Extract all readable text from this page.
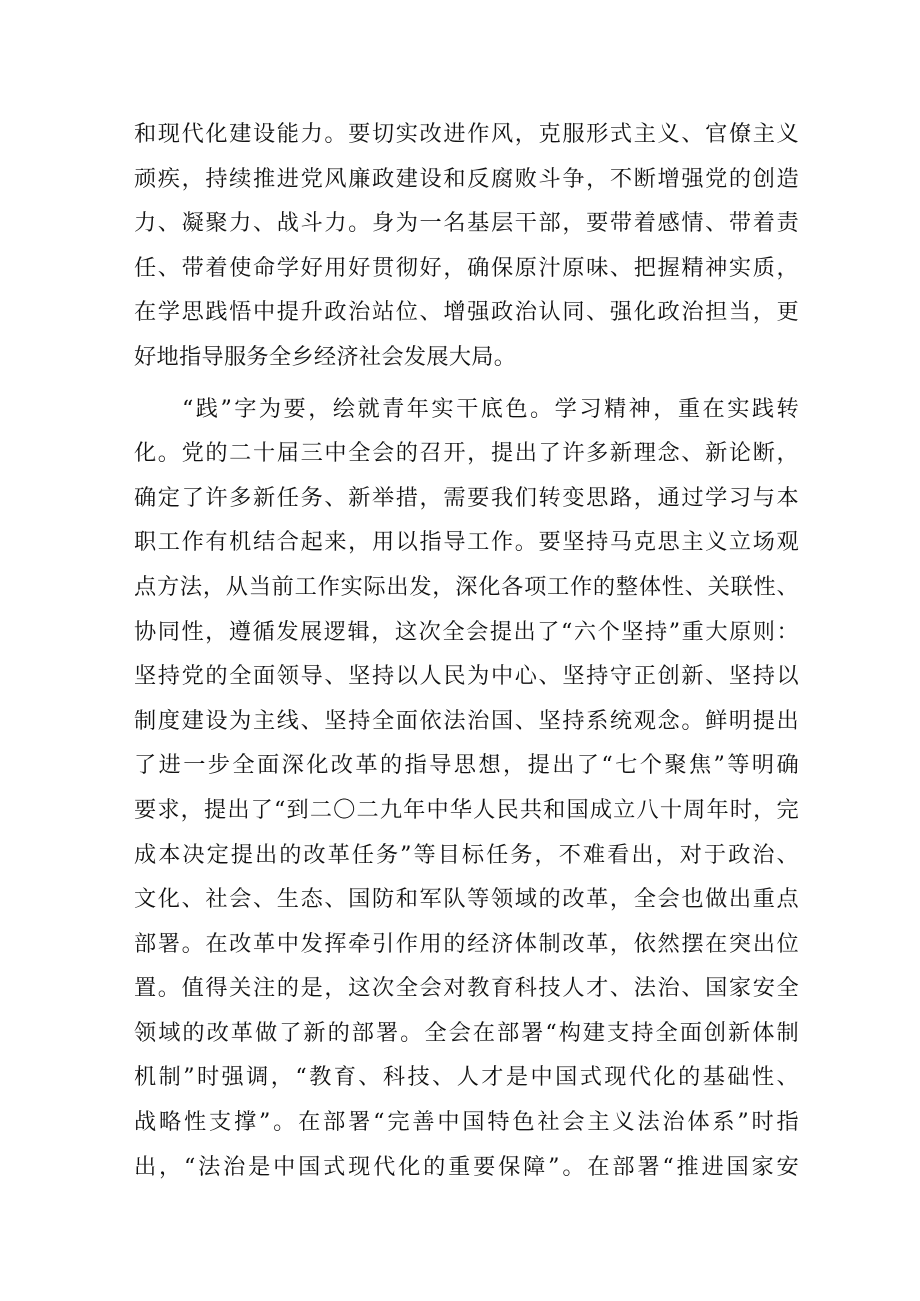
和现代化建设能力。要切实改进作风，克服形式主义、官僚主义
顽疾，持续推进党风廉政建设和反腐败斗争，不断增强党的创造
力、凝聚力、战斗力。身为一名基层干部，要带着感情、带着责
任、带着使命学好用好贯彻好，确保原汁原味、把握精神实质，
在学思践悟中提升政治站位、增强政治认同、强化政治担当，更
好地指导服务全乡经济社会发展大局。
“践”字为要，绘就青年实干底色。学习精神，重在实践转
化。党的二十届三中全会的召开，提出了许多新理念、新论断，
确定了许多新任务、新举措，需要我们转变思路，通过学习与本
职工作有机结合起来，用以指导工作。要坚持马克思主义立场观
点方法，从当前工作实际出发，深化各项工作的整体性、关联性、
协同性，遵循发展逻辑，这次全会提出了“六个坚持”重大原则：
坚持党的全面领导、坚持以人民为中心、坚持守正创新、坚持以
制度建设为主线、坚持全面依法治国、坚持系统观念。鲜明提出
了进一步全面深化改革的指导思想，提出了“七个聚焦”等明确
要求，提出了“到二〇二九年中华人民共和国成立八十周年时，完
成本决定提出的改革任务”等目标任务，不难看出，对于政治、
文化、社会、生态、国防和军队等领域的改革，全会也做出重点
部署。在改革中发挥牵引作用的经济体制改革，依然摆在突出位
置。值得关注的是，这次全会对教育科技人才、法治、国家安全
领域的改革做了新的部署。全会在部署“构建支持全面创新体制
机制”时强调，“教育、科技、人才是中国式现代化的基础性、
战略性支撑”。在部署“完善中国特色社会主义法治体系”时指
出，“法治是中国式现代化的重要保障”。在部署“推进国家安
